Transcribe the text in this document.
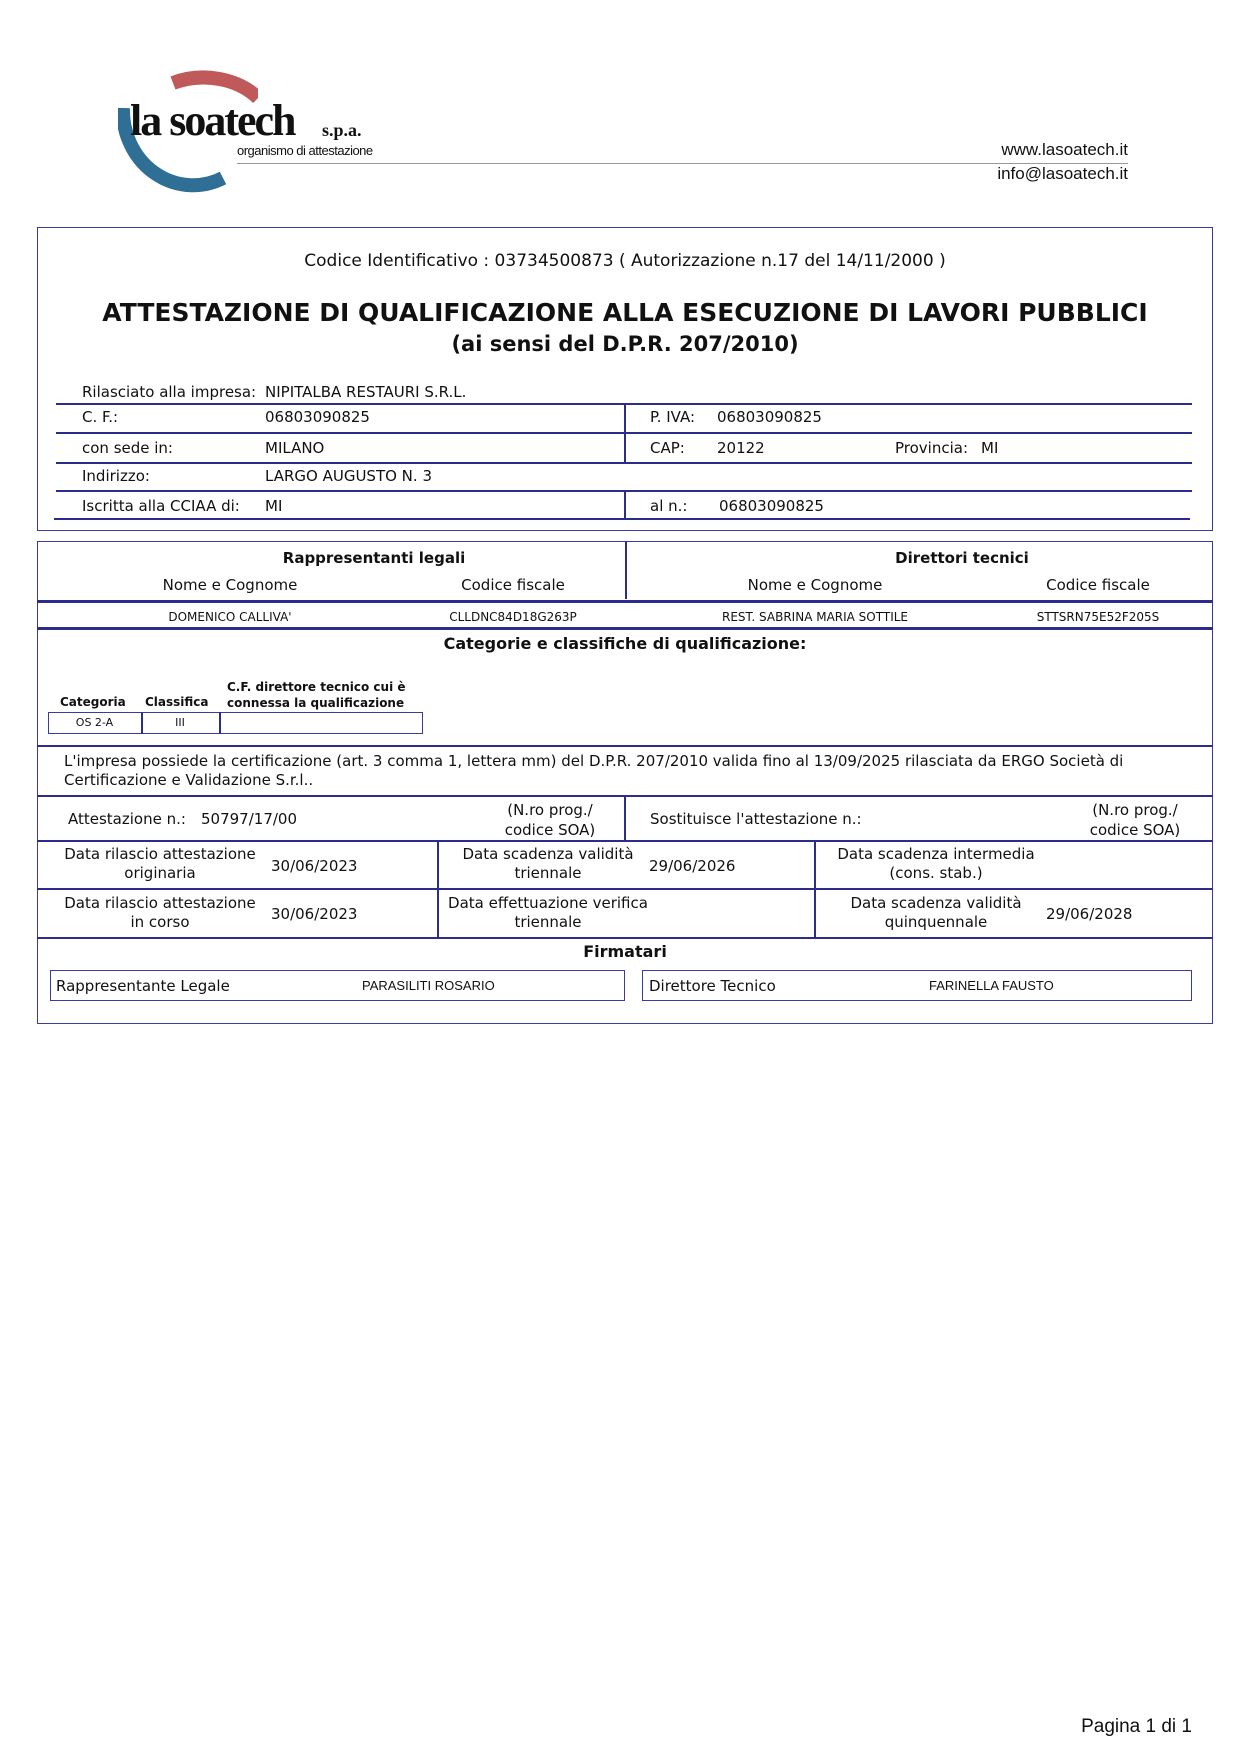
la soatech s.p.a.
organismo di attestazione	www.lasoatech.it
info@lasoatech.it
Codice Identificativo : 03734500873 ( Autorizzazione n.17 del 14/11/2000 )
ATTESTAZIONE DI QUALIFICAZIONE ALLA ESECUZIONE DI LAVORI PUBBLICI
(ai sensi del D.P.R. 207/2010)
Rilasciato alla impresa: NIPITALBA RESTAURI S.R.L.
C. F.:	06803090825	P. IVA: 06803090825
con sede in:	MILANO	CAP: 20122	Provincia: MI
Indirizzo:	LARGO AUGUSTO N. 3
Iscritta alla CCIAA di: MI	al n.: 06803090825
Rappresentanti legali
Nome e Cognome	Codice fiscale
Direttori tecnici
Nome e Cognome	Codice fiscale
DOMENICO CALLIVA'	CLLDNC84D18G263P	REST. SABRINA MARIA SOTTILE	STTSRN75E52F205S
Categorie e classifiche di qualificazione:
Categoria Classifica
C.F. direttore tecnico cui è connessa la qualificazione
OS 2-A	III
L'impresa possiede la certificazione (art. 3 comma 1, lettera mm) del D.P.R. 207/2010 valida fino al 13/09/2025 rilasciata da ERGO Società di Certificazione e Validazione S.r.l..
Attestazione n.: 50797/17/00	(N.ro prog./ codice SOA)
Sostituisce l'attestazione n.:	(N.ro prog./ codice SOA)
Data rilascio attestazione originaria	30/06/2023
Data scadenza validità triennale	29/06/2026
Data scadenza intermedia (cons. stab.)
Data rilascio attestazione in corso	30/06/2023
Data effettuazione verifica triennale
Data scadenza validità quinquennale	29/06/2028
Firmatari
Rappresentante Legale	PARASILITI ROSARIO	Direttore Tecnico	FARINELLA FAUSTO
Pagina 1 di 1
